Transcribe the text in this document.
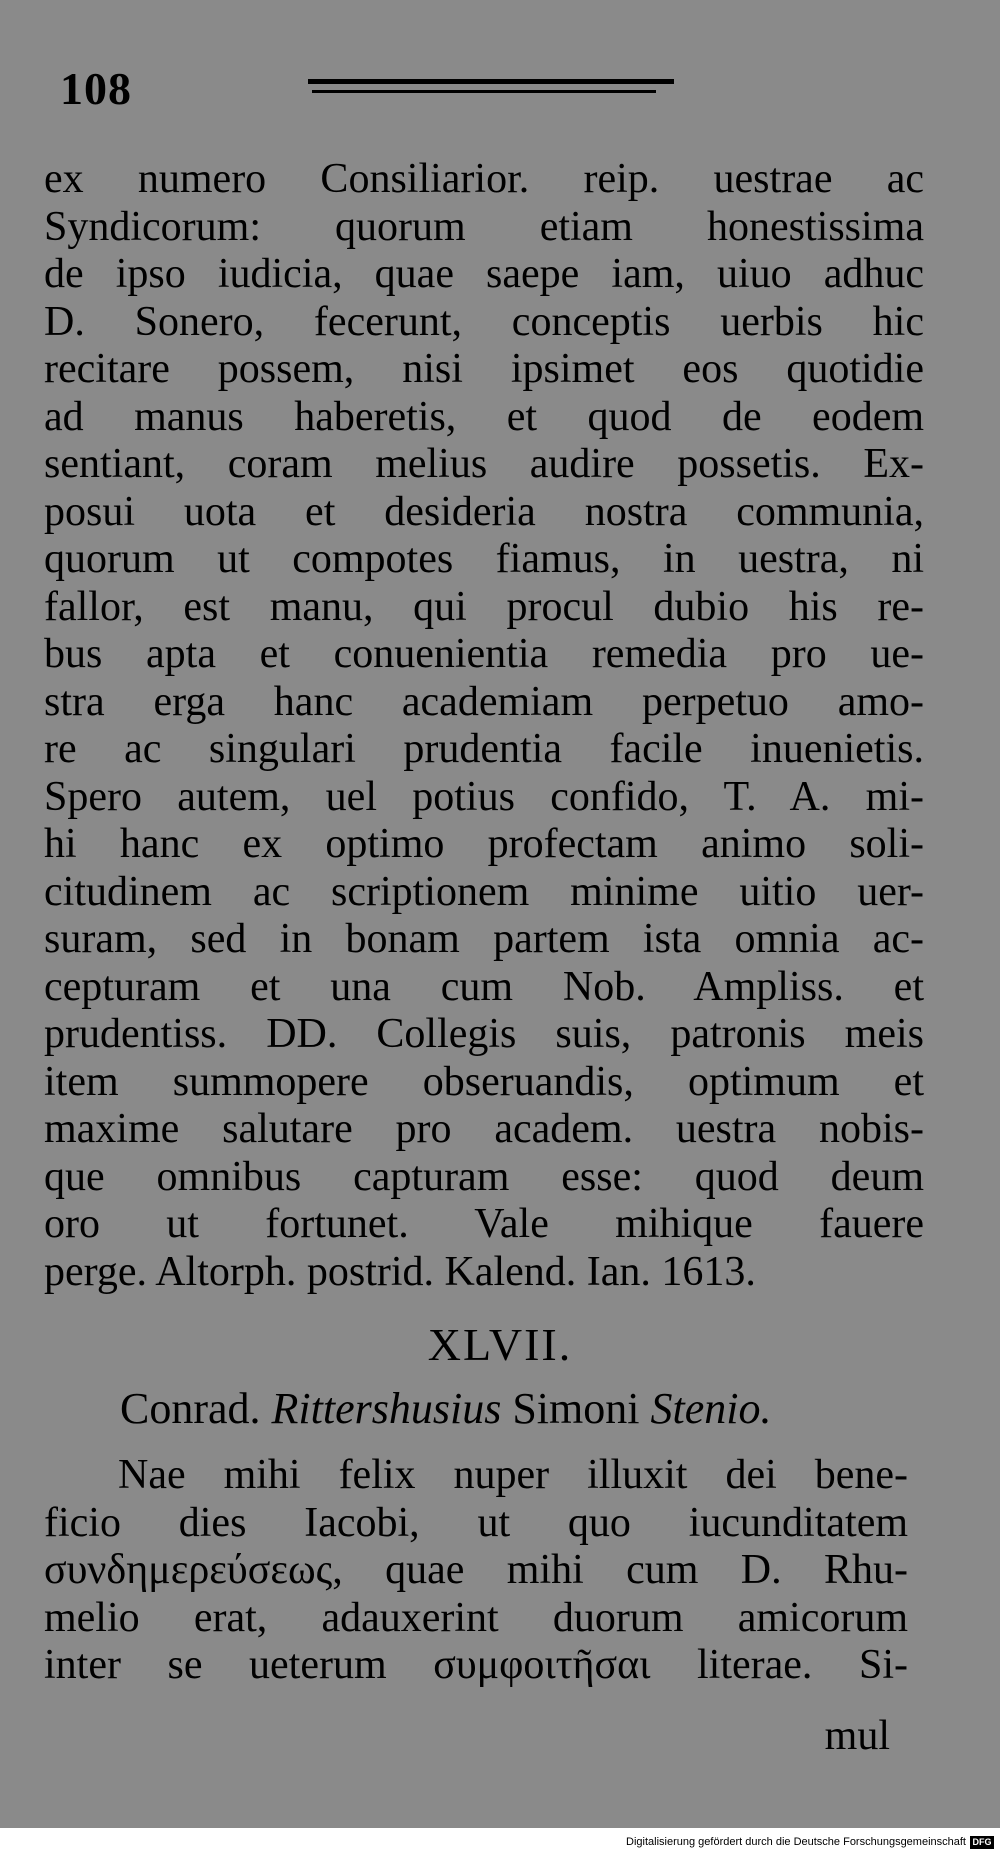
108
ex numero Consiliarior. reip. uestrae ac
Syndicorum: quorum etiam honestissima
de ipso iudicia, quae saepe iam, uiuo adhuc
D. Sonero, fecerunt, conceptis uerbis hic
recitare possem, nisi ipsimet eos quotidie
ad manus haberetis, et quod de eodem
sentiant, coram melius audire possetis. Ex-
posui uota et desideria nostra communia,
quorum ut compotes fiamus, in uestra, ni
fallor, est manu, qui procul dubio his re-
bus apta et conuenientia remedia pro ue-
stra erga hanc academiam perpetuo amo-
re ac singulari prudentia facile inuenietis.
Spero autem, uel potius confido, T. A. mi-
hi hanc ex optimo profectam animo soli-
citudinem ac scriptionem minime uitio uer-
suram, sed in bonam partem ista omnia ac-
cepturam et una cum Nob. Ampliss. et
prudentiss. DD. Collegis suis, patronis meis
item summopere obseruandis, optimum et
maxime salutare pro academ. uestra nobis-
que omnibus capturam esse: quod deum
oro ut fortunet. Vale mihique fauere
perge. Altorph. postrid. Kalend. Ian. 1613.
XLVII.
Conrad. Rittershusius Simoni Stenio.
Nae mihi felix nuper illuxit dei bene-
ficio dies Iacobi, ut quo iucunditatem
συνδημερεύσεως, quae mihi cum D. Rhu-
melio erat, adauxerint duorum amicorum
inter se ueterum συμφοιτῆσαι literae. Si-
mul
Digitalisierung gefördert durch die Deutsche Forschungsgemeinschaft DFG
